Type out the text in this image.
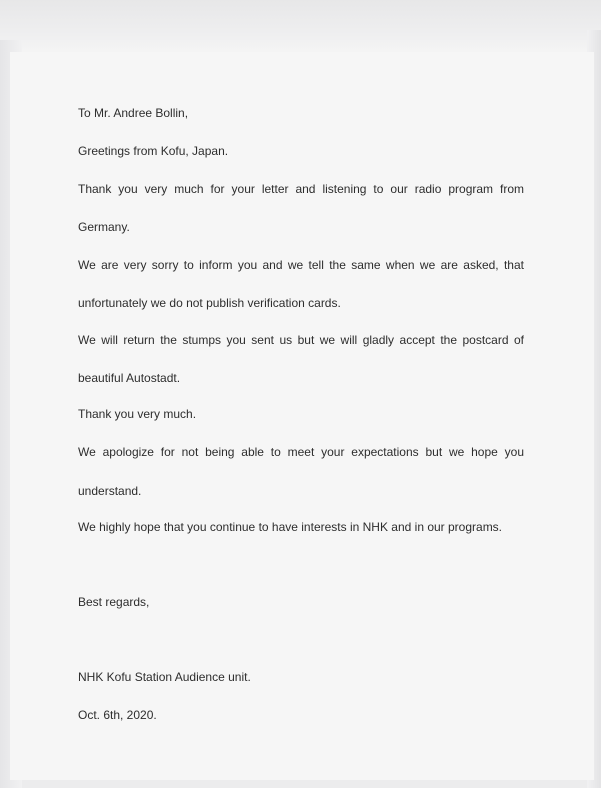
To Mr. Andree Bollin,
Greetings from Kofu, Japan.
Thank you very much for your letter and listening to our radio program from
Germany.
We are very sorry to inform you and we tell the same when we are asked, that
unfortunately we do not publish verification cards.
We will return the stumps you sent us but we will gladly accept the postcard of
beautiful Autostadt.
Thank you very much.
We apologize for not being able to meet your expectations but we hope you
understand.
We highly hope that you continue to have interests in NHK and in our programs.
Best regards,
NHK Kofu Station Audience unit.
Oct. 6th, 2020.
